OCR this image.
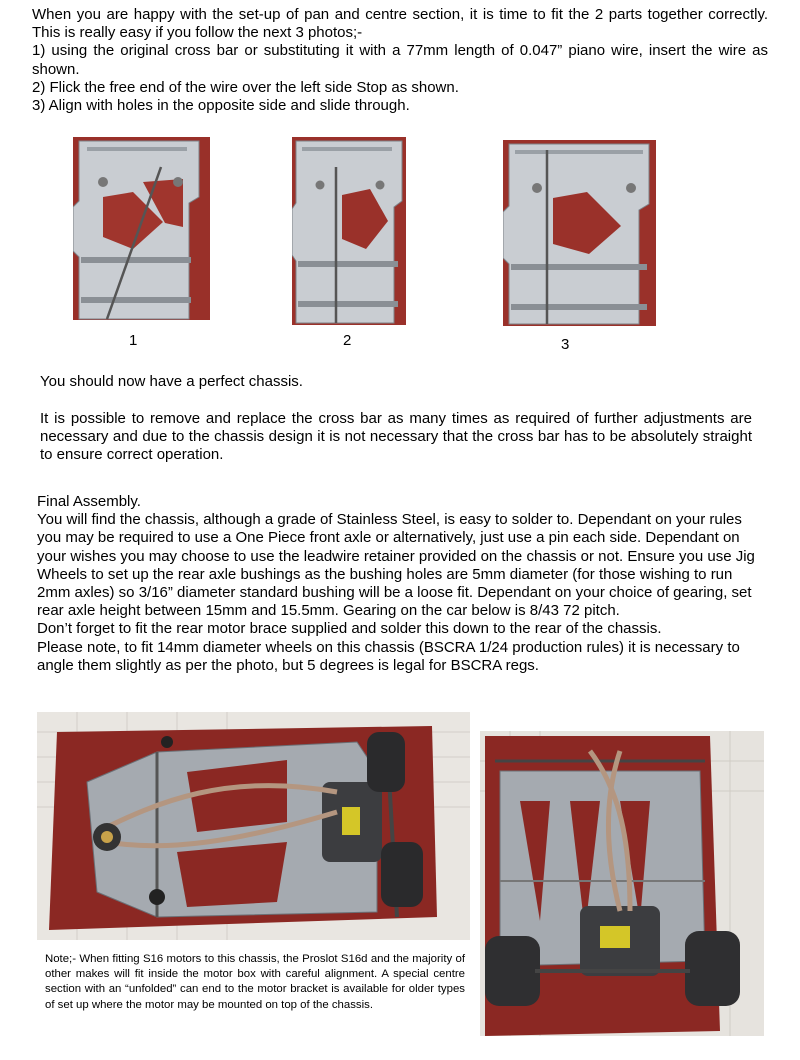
When you are happy with the set-up of pan and centre section, it is time to fit the 2 parts together correctly. This is really easy if you follow the next 3 photos;-

1) using the original cross bar or substituting it with a 77mm length of 0.047” piano wire, insert the wire as shown.

2) Flick the free end of the wire over the left side Stop as shown.

3) Align with holes in the opposite side and slide through.

1	2	3

You should now have a perfect chassis.

It is possible to remove and replace the cross bar as many times as required of further adjustments are necessary and due to the chassis design it is not necessary that the cross bar has to be absolutely straight to ensure correct operation.

Final Assembly.

You will find the chassis, although a grade of Stainless Steel, is easy to solder to. Dependant on your rules you may be required to use a One Piece front axle or alternatively, just use a pin each side. Dependant on your wishes you may choose to use the leadwire retainer provided on the chassis or not. Ensure you use Jig Wheels to set up the rear axle bushings as the bushing holes are 5mm diameter (for those wishing to run 2mm axles) so 3/16” diameter standard bushing will be a loose fit. Dependant on your choice of gearing, set rear axle height between 15mm and 15.5mm. Gearing on the car below is 8/43 72 pitch.

Don’t forget to fit the rear motor brace supplied and solder this down to the rear of the chassis.

Please note, to fit 14mm diameter wheels on this chassis (BSCRA 1/24 production rules) it is necessary to angle them slightly as per the photo, but 5 degrees is legal for BSCRA regs.

Note;- When fitting S16 motors to this chassis, the Proslot S16d and the majority of other makes will fit inside the motor box with careful alignment. A special centre section with an “unfolded” can end to the motor bracket is available for older types of set up where the motor may be mounted on top of the chassis.
